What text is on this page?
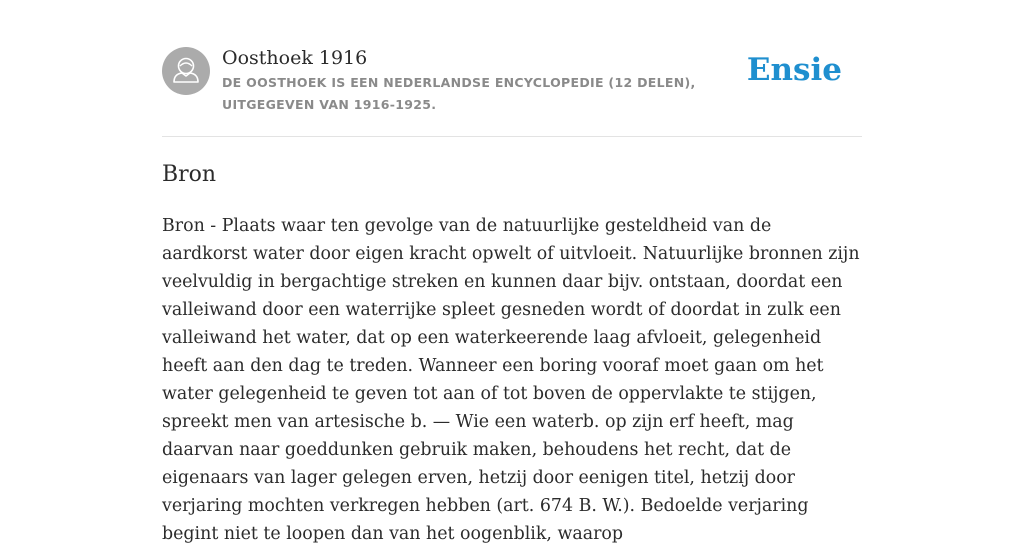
Oosthoek 1916
DE OOSTHOEK IS EEN NEDERLANDSE ENCYCLOPEDIE (12 DELEN), UITGEGEVEN VAN 1916-1925.
Ensie
Bron

Bron - Plaats waar ten gevolge van de natuurlijke gesteldheid van de aardkorst water door eigen kracht opwelt of uitvloeit. Natuurlijke bronnen zijn veelvuldig in bergachtige streken en kunnen daar bijv. ontstaan, doordat een valleiwand door een waterrijke spleet gesneden wordt of doordat in zulk een valleiwand het water, dat op een waterkeerende laag afvloeit, gelegenheid heeft aan den dag te treden. Wanneer een boring vooraf moet gaan om het water gelegenheid te geven tot aan of tot boven de oppervlakte te stijgen, spreekt men van artesische b. — Wie een waterb. op zijn erf heeft, mag daarvan naar goeddunken gebruik maken, behoudens het recht, dat de eigenaars van lager gelegen erven, hetzij door eenigen titel, hetzij door verjaring mochten verkregen hebben (art. 674 B. W.). Bedoelde verjaring begint niet te loopen dan van het oogenblik, waarop
